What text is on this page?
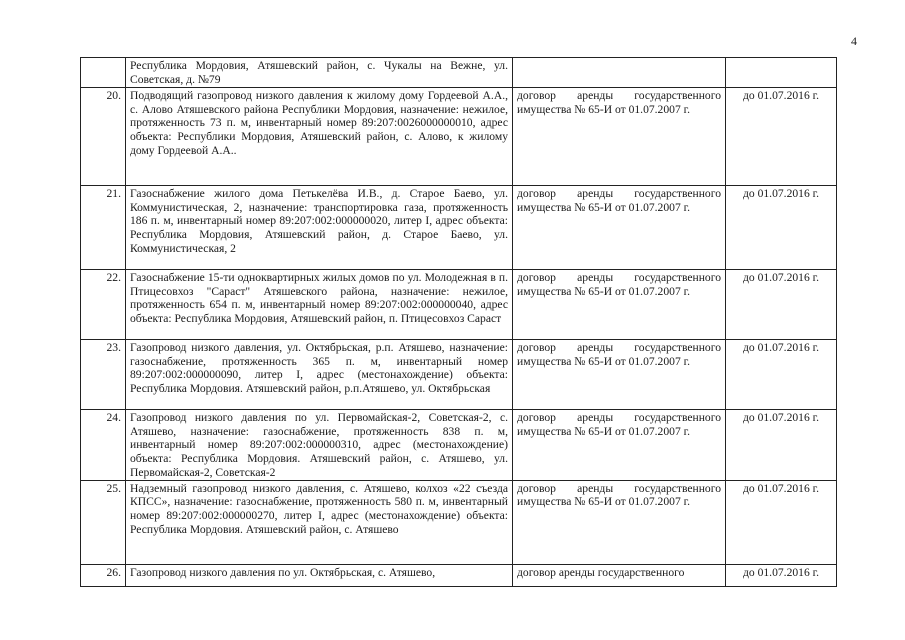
4
	Республика Мордовия, Атяшевский район, с. Чукалы на Вежне, ул. Советская, д. №79		
20.	Подводящий газопровод низкого давления к жилому дому Гордеевой А.А., с. Алово Атяшевского района Республики Мордовия, назначение: нежилое, протяженность 73 п. м, инвентарный номер 89:207:0026000000010, адрес объекта: Республики Мордовия, Атяшевский район, с. Алово, к жилому дому Гордеевой А.А..	договор аренды государственного имущества № 65-И от 01.07.2007 г.	до 01.07.2016 г.
21.	Газоснабжение жилого дома Петькелёва И.В., д. Старое Баево, ул. Коммунистическая, 2, назначение: транспортировка газа, протяженность 186 п. м, инвентарный номер 89:207:002:000000020, литер I, адрес объекта: Республика Мордовия, Атяшевский район, д. Старое Баево, ул. Коммунистическая, 2	договор аренды государственного имущества № 65-И от 01.07.2007 г.	до 01.07.2016 г.
22.	Газоснабжение 15-ти одноквартирных жилых домов по ул. Молодежная в п. Птицесовхоз "Сараст" Атяшевского района, назначение: нежилое, протяженность 654 п. м, инвентарный номер 89:207:002:000000040, адрес объекта: Республика Мордовия, Атяшевский район, п. Птицесовхоз Сараст	договор аренды государственного имущества № 65-И от 01.07.2007 г.	до 01.07.2016 г.
23.	Газопровод низкого давления, ул. Октябрьская, р.п. Атяшево, назначение: газоснабжение, протяженность 365 п. м, инвентарный номер 89:207:002:000000090, литер I, адрес (местонахождение) объекта: Республика Мордовия. Атяшевский район, р.п.Атяшево, ул. Октябрьская	договор аренды государственного имущества № 65-И от 01.07.2007 г.	до 01.07.2016 г.
24.	Газопровод низкого давления по ул. Первомайская-2, Советская-2, с. Атяшево, назначение: газоснабжение, протяженность 838 п. м, инвентарный номер 89:207:002:000000310, адрес (местонахождение) объекта: Республика Мордовия. Атяшевский район, с. Атяшево, ул. Первомайская-2, Советская-2	договор аренды государственного имущества № 65-И от 01.07.2007 г.	до 01.07.2016 г.
25.	Надземный газопровод низкого давления, с. Атяшево, колхоз «22 съезда КПСС», назначение: газоснабжение, протяженность 580 п. м, инвентарный номер 89:207:002:000000270, литер I, адрес (местонахождение) объекта: Республика Мордовия. Атяшевский район, с. Атяшево	договор аренды государственного имущества № 65-И от 01.07.2007 г.	до 01.07.2016 г.
26.	Газопровод низкого давления по ул. Октябрьская, с. Атяшево,	договор аренды государственного	до 01.07.2016 г.
